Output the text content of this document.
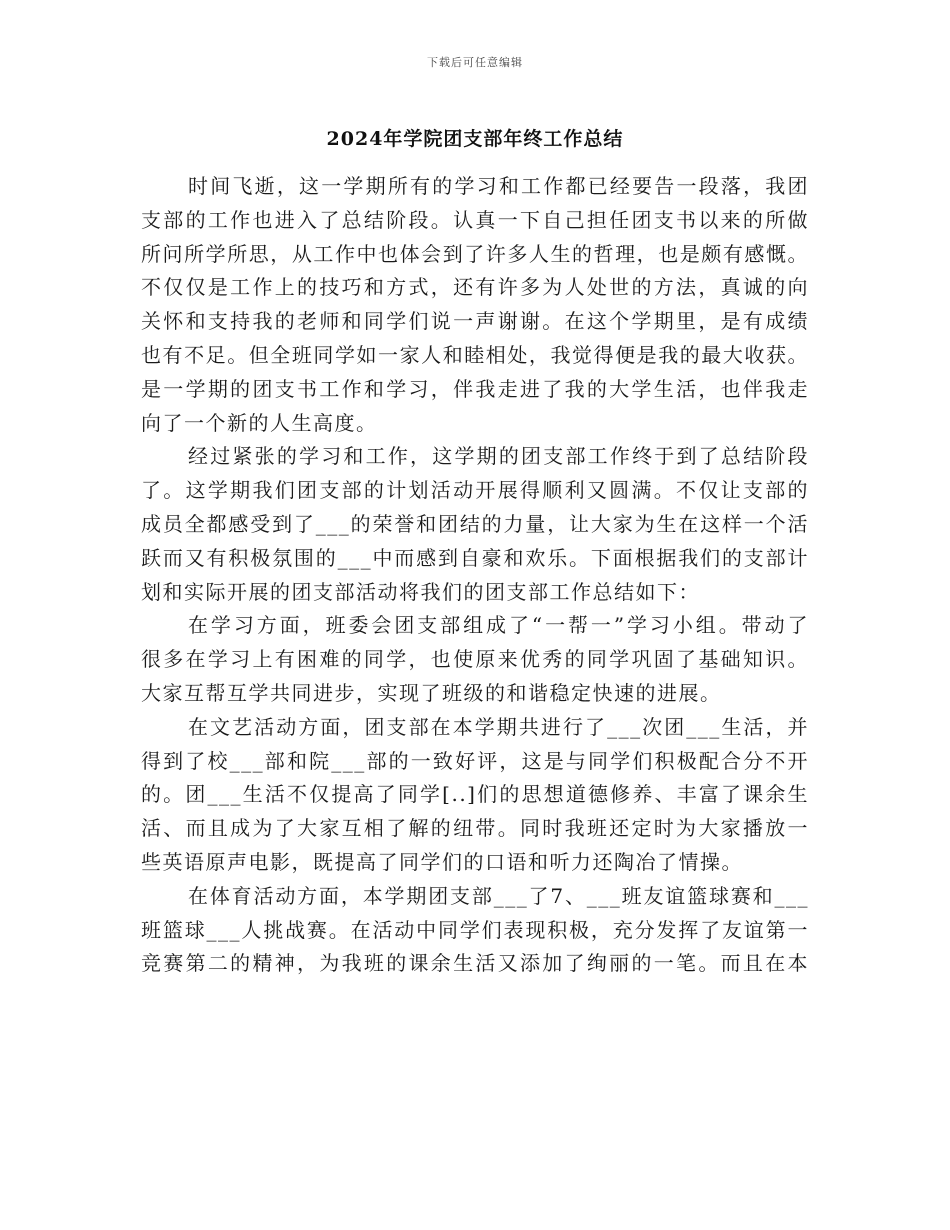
下载后可任意编辑
2024年学院团支部年终工作总结
时间飞逝，这一学期所有的学习和工作都已经要告一段落，我团
支部的工作也进入了总结阶段。认真一下自己担任团支书以来的所做
所问所学所思，从工作中也体会到了许多人生的哲理，也是颇有感慨。
不仅仅是工作上的技巧和方式，还有许多为人处世的方法，真诚的向
关怀和支持我的老师和同学们说一声谢谢。在这个学期里，是有成绩
也有不足。但全班同学如一家人和睦相处，我觉得便是我的最大收获。
是一学期的团支书工作和学习，伴我走进了我的大学生活，也伴我走
向了一个新的人生高度。
经过紧张的学习和工作，这学期的团支部工作终于到了总结阶段
了。这学期我们团支部的计划活动开展得顺利又圆满。不仅让支部的
成员全都感受到了___的荣誉和团结的力量，让大家为生在这样一个活
跃而又有积极氛围的___中而感到自豪和欢乐。下面根据我们的支部计
划和实际开展的团支部活动将我们的团支部工作总结如下：
在学习方面，班委会团支部组成了“一帮一”学习小组。带动了
很多在学习上有困难的同学，也使原来优秀的同学巩固了基础知识。
大家互帮互学共同进步，实现了班级的和谐稳定快速的进展。
在文艺活动方面，团支部在本学期共进行了___次团___生活，并
得到了校___部和院___部的一致好评，这是与同学们积极配合分不开
的。团___生活不仅提高了同学[..]们的思想道德修养、丰富了课余生
活、而且成为了大家互相了解的纽带。同时我班还定时为大家播放一
些英语原声电影，既提高了同学们的口语和听力还陶冶了情操。
在体育活动方面，本学期团支部___了7、___班友谊篮球赛和___
班篮球___人挑战赛。在活动中同学们表现积极，充分发挥了友谊第一
竞赛第二的精神，为我班的课余生活又添加了绚丽的一笔。而且在本
